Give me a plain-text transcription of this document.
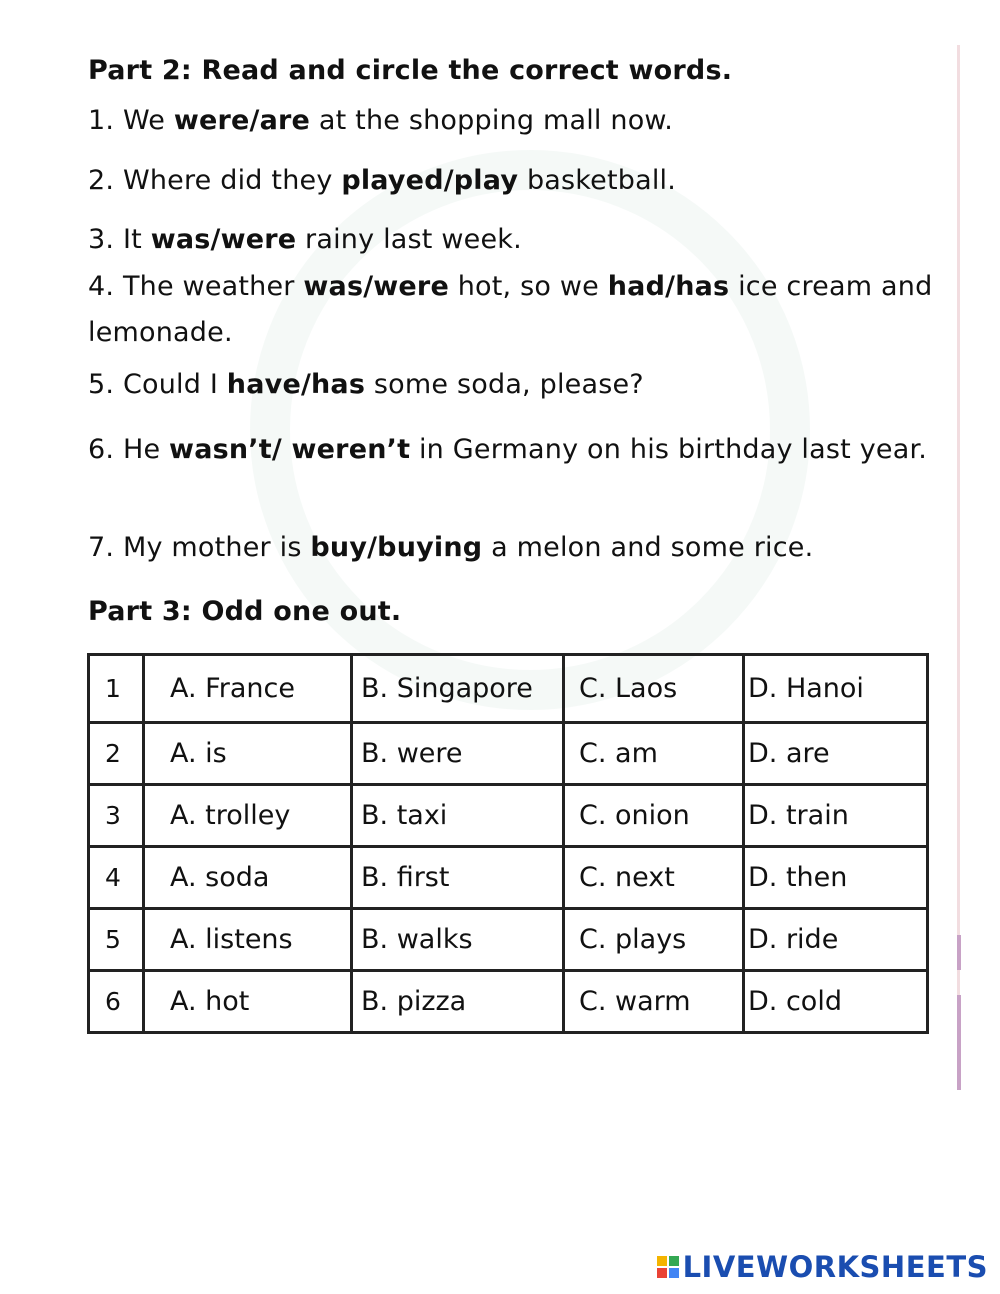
Part 2: Read and circle the correct words.

1. We were/are at the shopping mall now.

2. Where did they played/play basketball.

3. It was/were rainy last week.

4. The weather was/were hot, so we had/has ice cream and lemonade.

5. Could I have/has some soda, please?

6. He wasn’t/ weren’t in Germany on his birthday last year.

7. My mother is buy/buying a melon and some rice.

Part 3: Odd one out.
1	A. France	B. Singapore	C. Laos	D. Hanoi
2	A. is	B. were	C. am	D. are
3	A. trolley	B. taxi	C. onion	D. train
4	A. soda	B. first	C. next	D. then
5	A. listens	B. walks	C. plays	D. ride
6	A. hot	B. pizza	C. warm	D. cold
LIVEWORKSHEETS
